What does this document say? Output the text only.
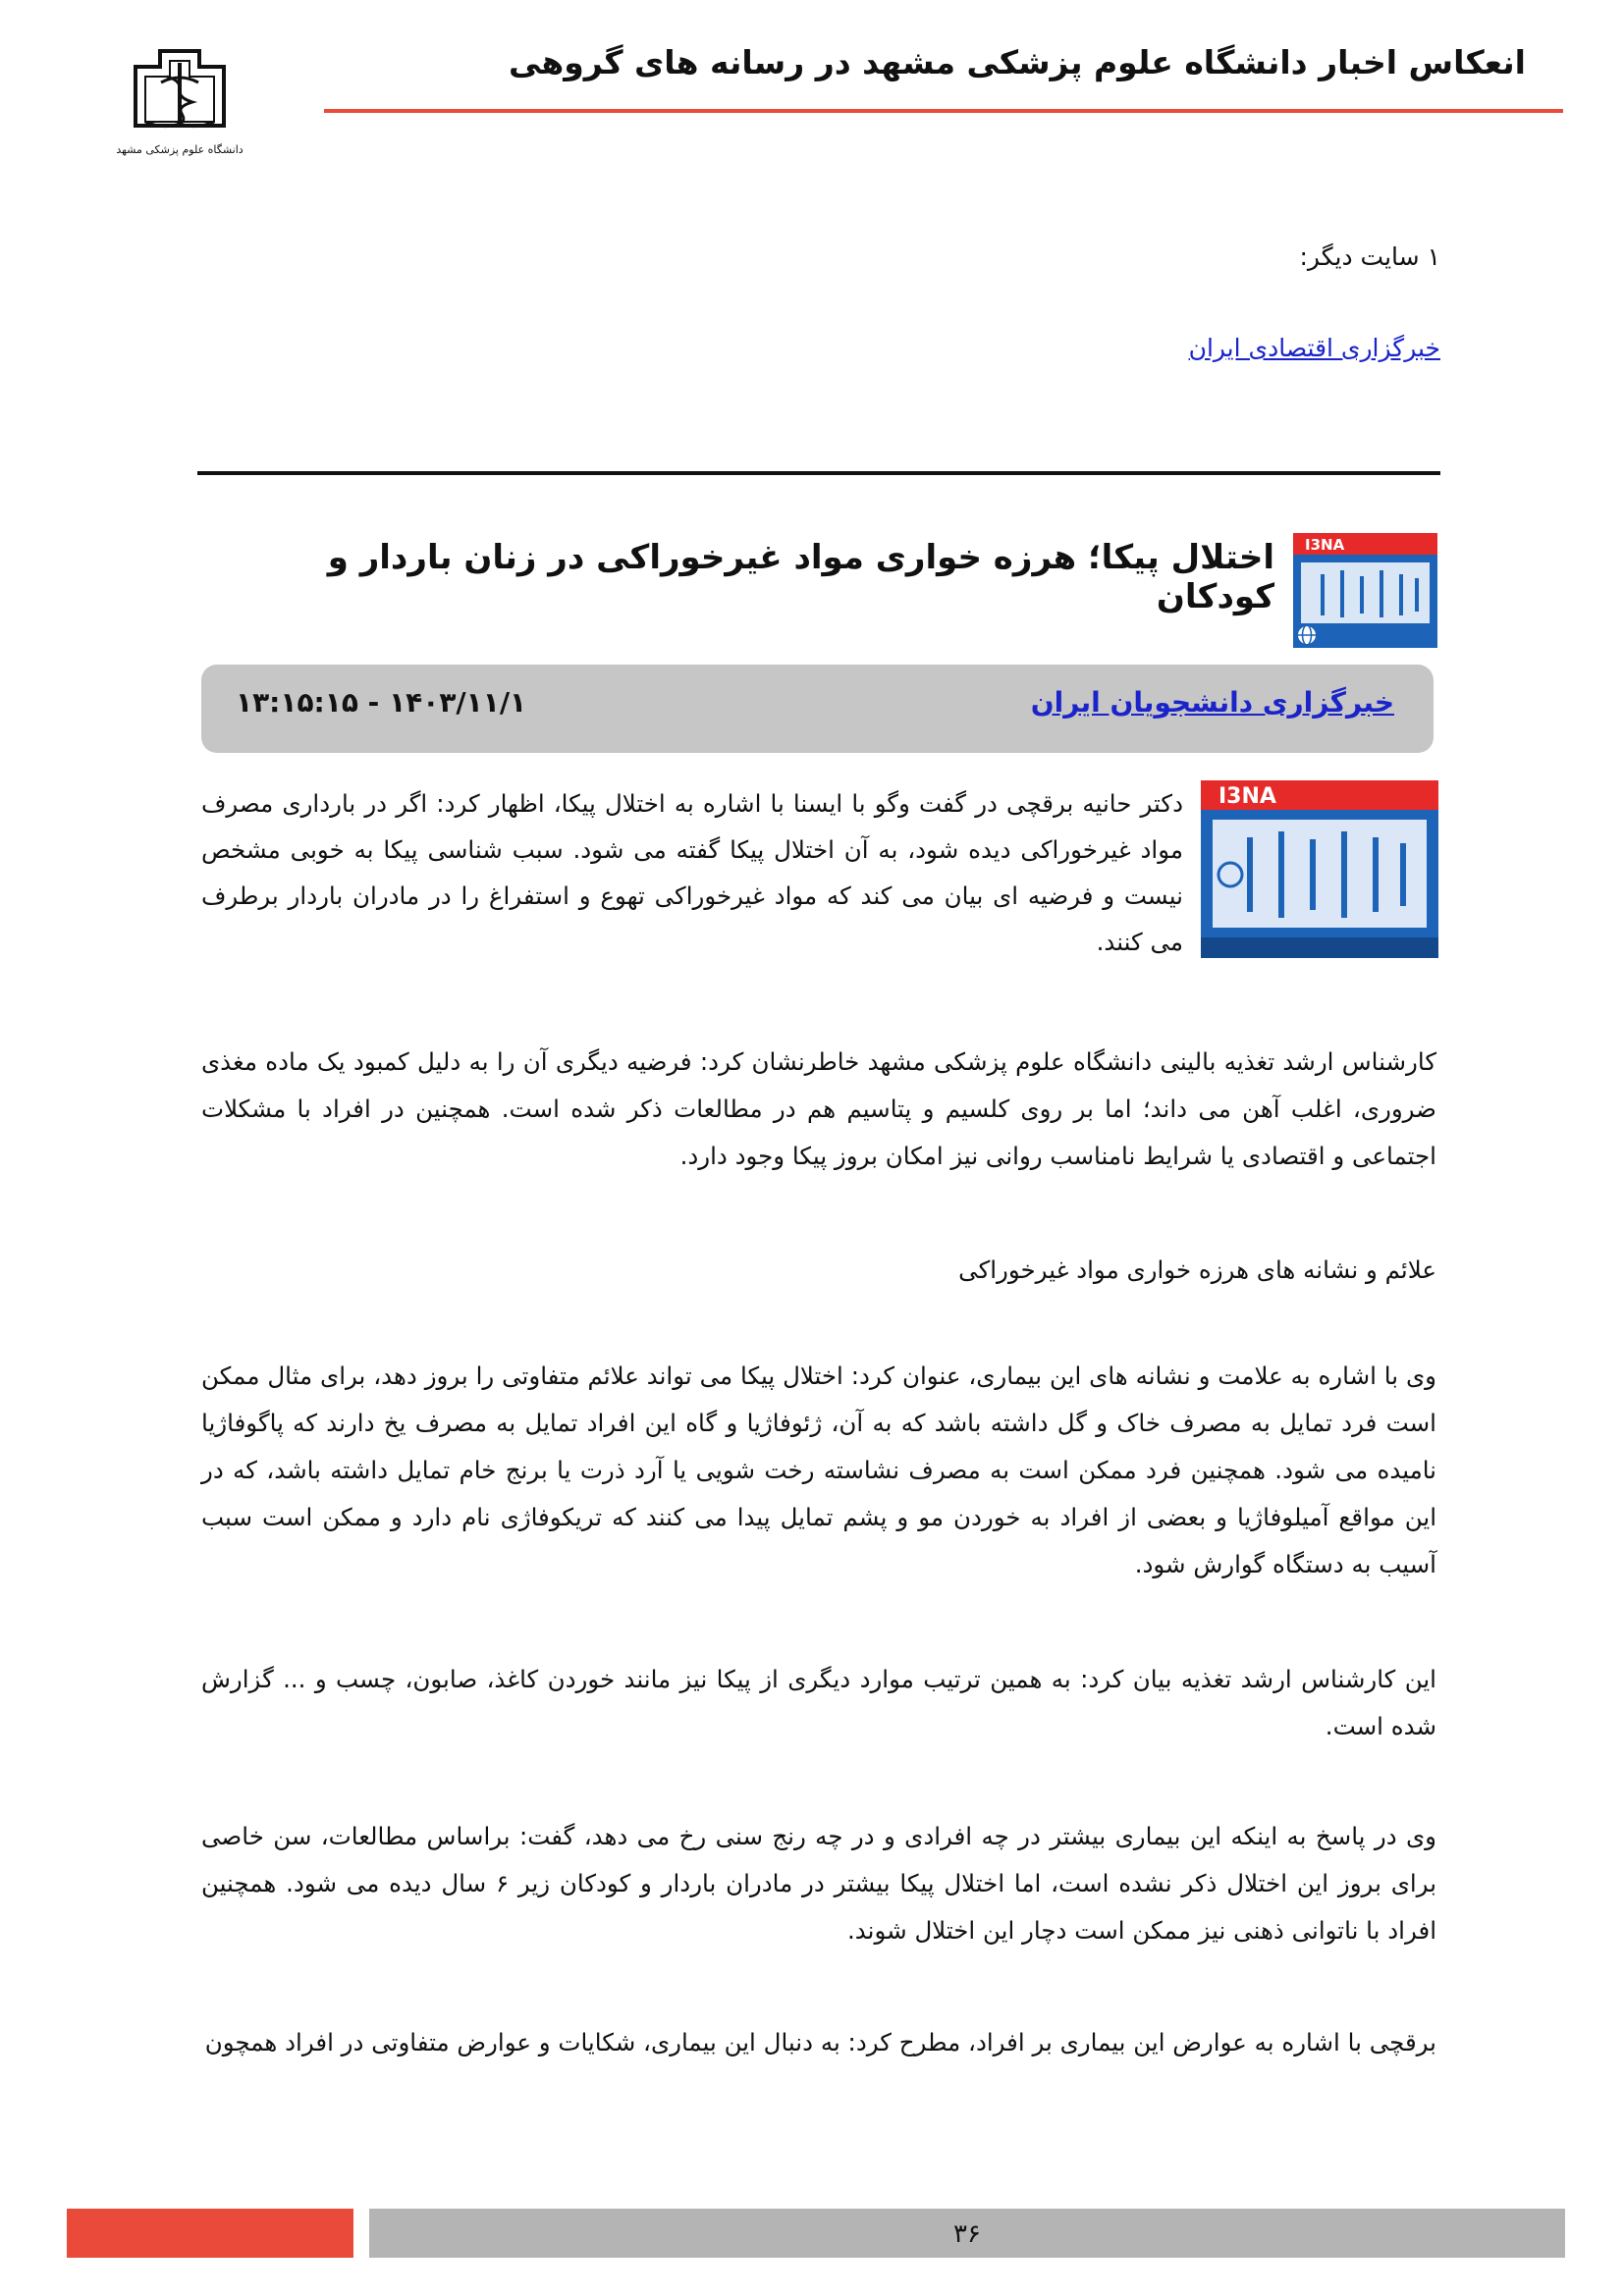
دانشگاه علوم پزشکی مشهد
انعکاس اخبار دانشگاه علوم پزشکی مشهد در رسانه های گروهی
۱ سایت دیگر:
خبرگزاری اقتصادی ایران
I3NA
اختلال پیکا؛ هرزه خواری مواد غیرخوراکی در زنان باردار و کودکان
خبرگزاری دانشجویان ایران
۱۴۰۳/۱۱/۱ - ۱۳:۱۵:۱۵
I3NA
دکتر حانیه برقچی در گفت وگو با ایسنا با اشاره به اختلال پیکا، اظهار کرد: اگر در بارداری مصرف مواد غیرخوراکی دیده شود، به آن اختلال پیکا گفته می شود. سبب شناسی پیکا به خوبی مشخص نیست و فرضیه ای بیان می کند که مواد غیرخوراکی تهوع و استفراغ را در مادران باردار برطرف می کنند.
کارشناس ارشد تغذیه بالینی دانشگاه علوم پزشکی مشهد خاطرنشان کرد: فرضیه دیگری آن را به دلیل کمبود یک ماده مغذی ضروری، اغلب آهن می داند؛ اما بر روی کلسیم و پتاسیم هم در مطالعات ذکر شده است. همچنین در افراد با مشکلات اجتماعی و اقتصادی یا شرایط نامناسب روانی نیز امکان بروز پیکا وجود دارد.
علائم و نشانه های هرزه خواری مواد غیرخوراکی
وی با اشاره به علامت و نشانه های این بیماری، عنوان کرد: اختلال پیکا می تواند علائم متفاوتی را بروز دهد، برای مثال ممکن است فرد تمایل به مصرف خاک و گل داشته باشد که به آن، ژئوفاژیا و گاه این افراد تمایل به مصرف یخ دارند که پاگوفاژیا نامیده می شود. همچنین فرد ممکن است به مصرف نشاسته رخت شویی یا آرد ذرت یا برنج خام تمایل داشته باشد، که در این مواقع آمیلوفاژیا و بعضی از افراد به خوردن مو و پشم تمایل پیدا می کنند که تریکوفاژی نام دارد و ممکن است سبب آسیب به دستگاه گوارش شود.
این کارشناس ارشد تغذیه بیان کرد: به همین ترتیب موارد دیگری از پیکا نیز مانند خوردن کاغذ، صابون، چسب و ... گزارش شده است.
وی در پاسخ به اینکه این بیماری بیشتر در چه افرادی و در چه رنج سنی رخ می دهد، گفت: براساس مطالعات، سن خاصی برای بروز این اختلال ذکر نشده است، اما اختلال پیکا بیشتر در مادران باردار و کودکان زیر ۶ سال دیده می شود. همچنین افراد با ناتوانی ذهنی نیز ممکن است دچار این اختلال شوند.
برقچی با اشاره به عوارض این بیماری بر افراد، مطرح کرد: به دنبال این بیماری، شکایات و عوارض متفاوتی در افراد همچون
۳۶
